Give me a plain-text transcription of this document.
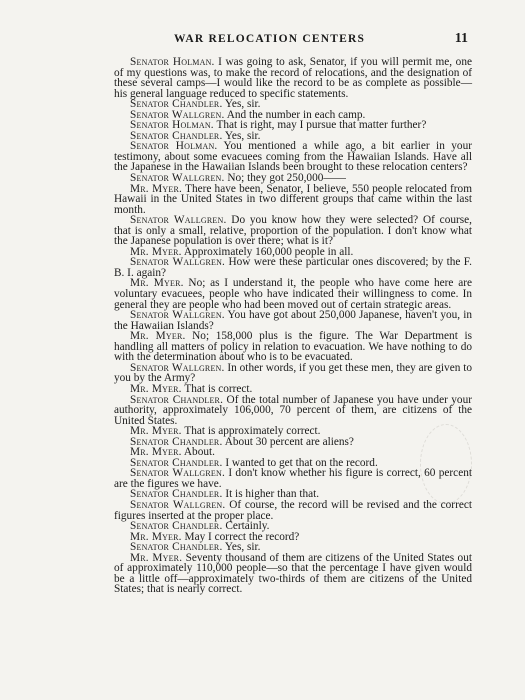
WAR RELOCATION CENTERS	11

Senator Holman. I was going to ask, Senator, if you will permit me, one of my questions was, to make the record of relocations, and the designation of these several camps—I would like the record to be as complete as possible—his general language reduced to specific statements.

Senator Chandler. Yes, sir.

Senator Wallgren. And the number in each camp.

Senator Holman. That is right, may I pursue that matter further?

Senator Chandler. Yes, sir.

Senator Holman. You mentioned a while ago, a bit earlier in your testimony, about some evacuees coming from the Hawaiian Islands. Have all the Japanese in the Hawaiian Islands been brought to these relocation centers?

Senator Wallgren. No; they got 250,000——

Mr. Myer. There have been, Senator, I believe, 550 people relocated from Hawaii in the United States in two different groups that came within the last month.

Senator Wallgren. Do you know how they were selected? Of course, that is only a small, relative, proportion of the population. I don't know what the Japanese population is over there; what is it?

Mr. Myer. Approximately 160,000 people in all.

Senator Wallgren. How were these particular ones discovered; by the F. B. I. again?

Mr. Myer. No; as I understand it, the people who have come here are voluntary evacuees, people who have indicated their willingness to come. In general they are people who had been moved out of certain strategic areas.

Senator Wallgren. You have got about 250,000 Japanese, haven't you, in the Hawaiian Islands?

Mr. Myer. No; 158,000 plus is the figure. The War Department is handling all matters of policy in relation to evacuation. We have nothing to do with the determination about who is to be evacuated.

Senator Wallgren. In other words, if you get these men, they are given to you by the Army?

Mr. Myer. That is correct.

Senator Chandler. Of the total number of Japanese you have under your authority, approximately 106,000, 70 percent of them, are citizens of the United States.

Mr. Myer. That is approximately correct.

Senator Chandler. About 30 percent are aliens?

Mr. Myer. About.

Senator Chandler. I wanted to get that on the record.

Senator Wallgren. I don't know whether his figure is correct, 60 percent are the figures we have.

Senator Chandler. It is higher than that.

Senator Wallgren. Of course, the record will be revised and the correct figures inserted at the proper place.

Senator Chandler. Certainly.

Mr. Myer. May I correct the record?

Senator Chandler. Yes, sir.

Mr. Myer. Seventy thousand of them are citizens of the United States out of approximately 110,000 people—so that the percentage I have given would be a little off—approximately two-thirds of them are citizens of the United States; that is nearly correct.
